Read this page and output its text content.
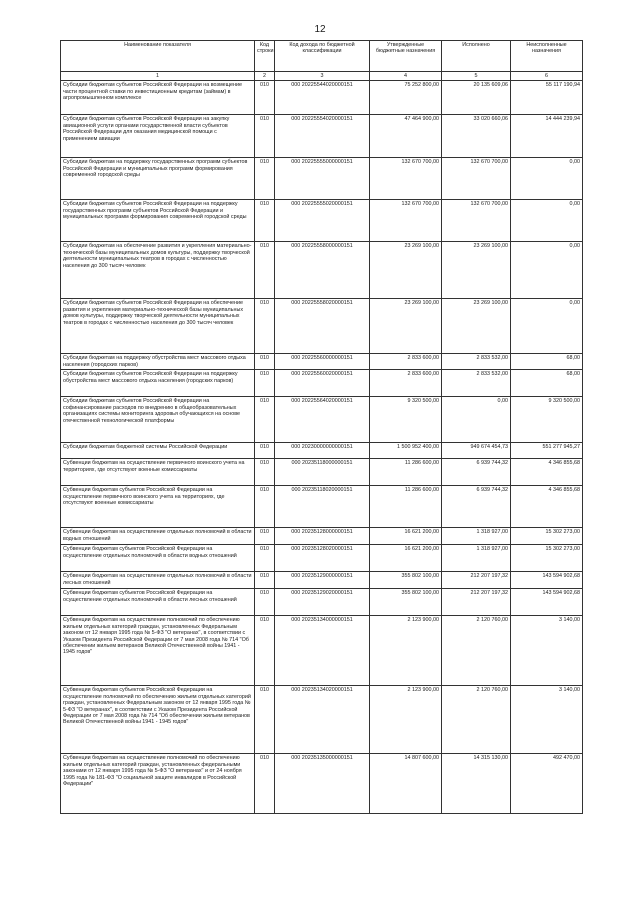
12
Наименование показателя	Код строки	Код дохода по бюджетной классификации	Утвержденные бюджетные назначения	Исполнено	Неисполненные назначения
1	2	3	4	5	6
Субсидии бюджетам субъектов Российской Федерации на возмещение части процентной ставки по инвестиционным кредитам (займам) в агропромышленном комплексе	010	000 20225544020000151	75 252 800,00	20 135 609,06	55 117 190,94
Субсидии бюджетам субъектов Российской Федерации на закупку авиационной услуги органами государственной власти субъектов Российской Федерации для оказания медицинской помощи с применением авиации	010	000 20225554020000151	47 464 900,00	33 020 660,06	14 444 239,94
Субсидии бюджетам на поддержку государственных программ субъектов Российской Федерации и муниципальных программ формирования современной городской среды	010	000 20225555000000151	132 670 700,00	132 670 700,00	0,00
Субсидии бюджетам субъектов Российской Федерации на поддержку государственных программ субъектов Российской Федерации и муниципальных программ формирования современной городской среды	010	000 20225555020000151	132 670 700,00	132 670 700,00	0,00
Субсидии бюджетам на обеспечение развития и укрепления материально-технической базы муниципальных домов культуры, поддержку творческой деятельности муниципальных театров в городах с численностью населения до 300 тысяч человек	010	000 20225558000000151	23 269 100,00	23 269 100,00	0,00
Субсидии бюджетам субъектов Российской Федерации на обеспечение развития и укрепления материально-технической базы муниципальных домов культуры, поддержку творческой деятельности муниципальных театров в городах с численностью населения до 300 тысяч человек	010	000 20225558020000151	23 269 100,00	23 269 100,00	0,00
Субсидии бюджетам на поддержку обустройства мест массового отдыха населения (городских парков)	010	000 20225560000000151	2 833 600,00	2 833 532,00	68,00
Субсидии бюджетам субъектов Российской Федерации на поддержку обустройства мест массового отдыха населения (городских парков)	010	000 20225560020000151	2 833 600,00	2 833 532,00	68,00
Субсидии бюджетам субъектов Российской Федерации на софинансирование расходов по внедрению в общеобразовательных организациях системы мониторинга здоровья обучающихся на основе отечественной технологической платформы	010	000 20225564020000151	9 320 500,00	0,00	9 320 500,00
Субсидии бюджетам бюджетной системы Российской Федерации	010	000 20230000000000151	1 500 952 400,00	949 674 454,73	551 277 945,27
Субвенции бюджетам на осуществление первичного воинского учета на территориях, где отсутствуют военные комиссариаты	010	000 20235118000000151	11 286 600,00	6 939 744,32	4 346 855,68
Субвенции бюджетам субъектов Российской Федерации на осуществление первичного воинского учета на территориях, где отсутствуют военные комиссариаты	010	000 20235118020000151	11 286 600,00	6 939 744,32	4 346 855,68
Субвенции бюджетам на осуществление отдельных полномочий в области водных отношений	010	000 20235128000000151	16 621 200,00	1 318 927,00	15 302 273,00
Субвенции бюджетам субъектов Российской Федерации на осуществление отдельных полномочий в области водных отношений	010	000 20235128020000151	16 621 200,00	1 318 927,00	15 302 273,00
Субвенции бюджетам на осуществление отдельных полномочий в области лесных отношений	010	000 20235129000000151	355 802 100,00	212 207 197,32	143 594 902,68
Субвенции бюджетам субъектов Российской Федерации на осуществление отдельных полномочий в области лесных отношений	010	000 20235129020000151	355 802 100,00	212 207 197,32	143 594 902,68
Субвенции бюджетам на осуществление полномочий по обеспечению жильем отдельных категорий граждан, установленных Федеральным законом от 12 января 1995 года № 5-ФЗ "О ветеранах", в соответствии с Указом Президента Российской Федерации от 7 мая 2008 года № 714 "Об обеспечении жильем ветеранов Великой Отечественной войны 1941 - 1945 годов"	010	000 20235134000000151	2 123 900,00	2 120 760,00	3 140,00
Субвенции бюджетам субъектов Российской Федерации на осуществление полномочий по обеспечению жильем отдельных категорий граждан, установленных Федеральным законом от 12 января 1995 года № 5-ФЗ "О ветеранах", в соответствии с Указом Президента Российской Федерации от 7 мая 2008 года № 714 "Об обеспечении жильем ветеранов Великой Отечественной войны 1941 - 1945 годов"	010	000 20235134020000151	2 123 900,00	2 120 760,00	3 140,00
Субвенции бюджетам на осуществление полномочий по обеспечению жильем отдельных категорий граждан, установленных федеральными законами от 12 января 1995 года № 5-ФЗ "О ветеранах" и от 24 ноября 1995 года № 181-ФЗ "О социальной защите инвалидов в Российской Федерации"	010	000 20235135000000151	14 807 600,00	14 315 130,00	492 470,00
